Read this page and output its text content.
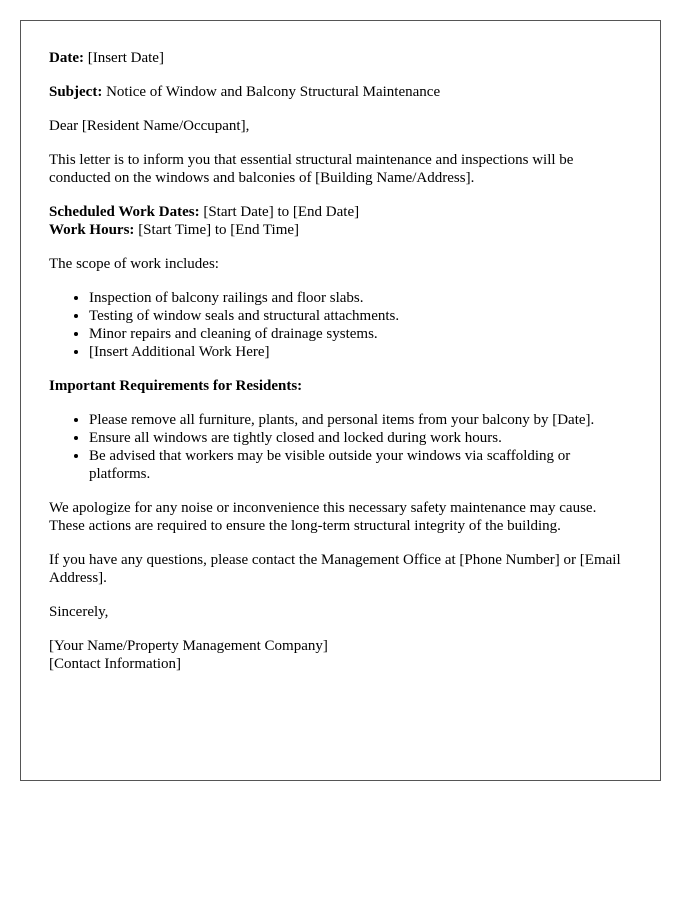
Date: [Insert Date]

Subject: Notice of Window and Balcony Structural Maintenance

Dear [Resident Name/Occupant],

This letter is to inform you that essential structural maintenance and inspections will be conducted on the windows and balconies of [Building Name/Address].

Scheduled Work Dates: [Start Date] to [End Date]

Work Hours: [Start Time] to [End Time]

The scope of work includes:

• Inspection of balcony railings and floor slabs.
• Testing of window seals and structural attachments.
• Minor repairs and cleaning of drainage systems.
• [Insert Additional Work Here]

Important Requirements for Residents:

• Please remove all furniture, plants, and personal items from your balcony by [Date].
• Ensure all windows are tightly closed and locked during work hours.
• Be advised that workers may be visible outside your windows via scaffolding or platforms.

We apologize for any noise or inconvenience this necessary safety maintenance may cause. These actions are required to ensure the long-term structural integrity of the building.

If you have any questions, please contact the Management Office at [Phone Number] or [Email Address].

Sincerely,

[Your Name/Property Management Company]

[Contact Information]
